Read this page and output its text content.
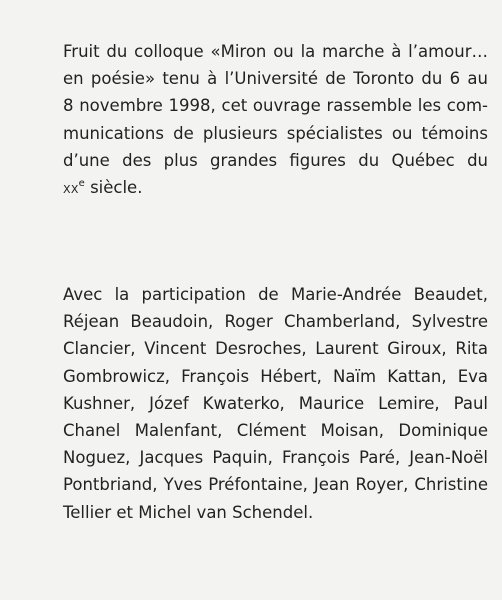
Fruit du colloque «Miron ou la marche à l’amour…
en poésie» tenu à l’Université de Toronto du 6 au
8 novembre 1998, cet ouvrage rassemble les com-
munications de plusieurs spécialistes ou témoins
d’une des plus grandes figures du Québec du
XXe siècle.
Avec la participation de Marie-Andrée Beaudet,
Réjean Beaudoin, Roger Chamberland, Sylvestre
Clancier, Vincent Desroches, Laurent Giroux, Rita
Gombrowicz, François Hébert, Naïm Kattan, Eva
Kushner, Józef Kwaterko, Maurice Lemire, Paul
Chanel Malenfant, Clément Moisan, Dominique
Noguez, Jacques Paquin, François Paré, Jean-Noël
Pontbriand, Yves Préfontaine, Jean Royer, Christine
Tellier et Michel van Schendel.
